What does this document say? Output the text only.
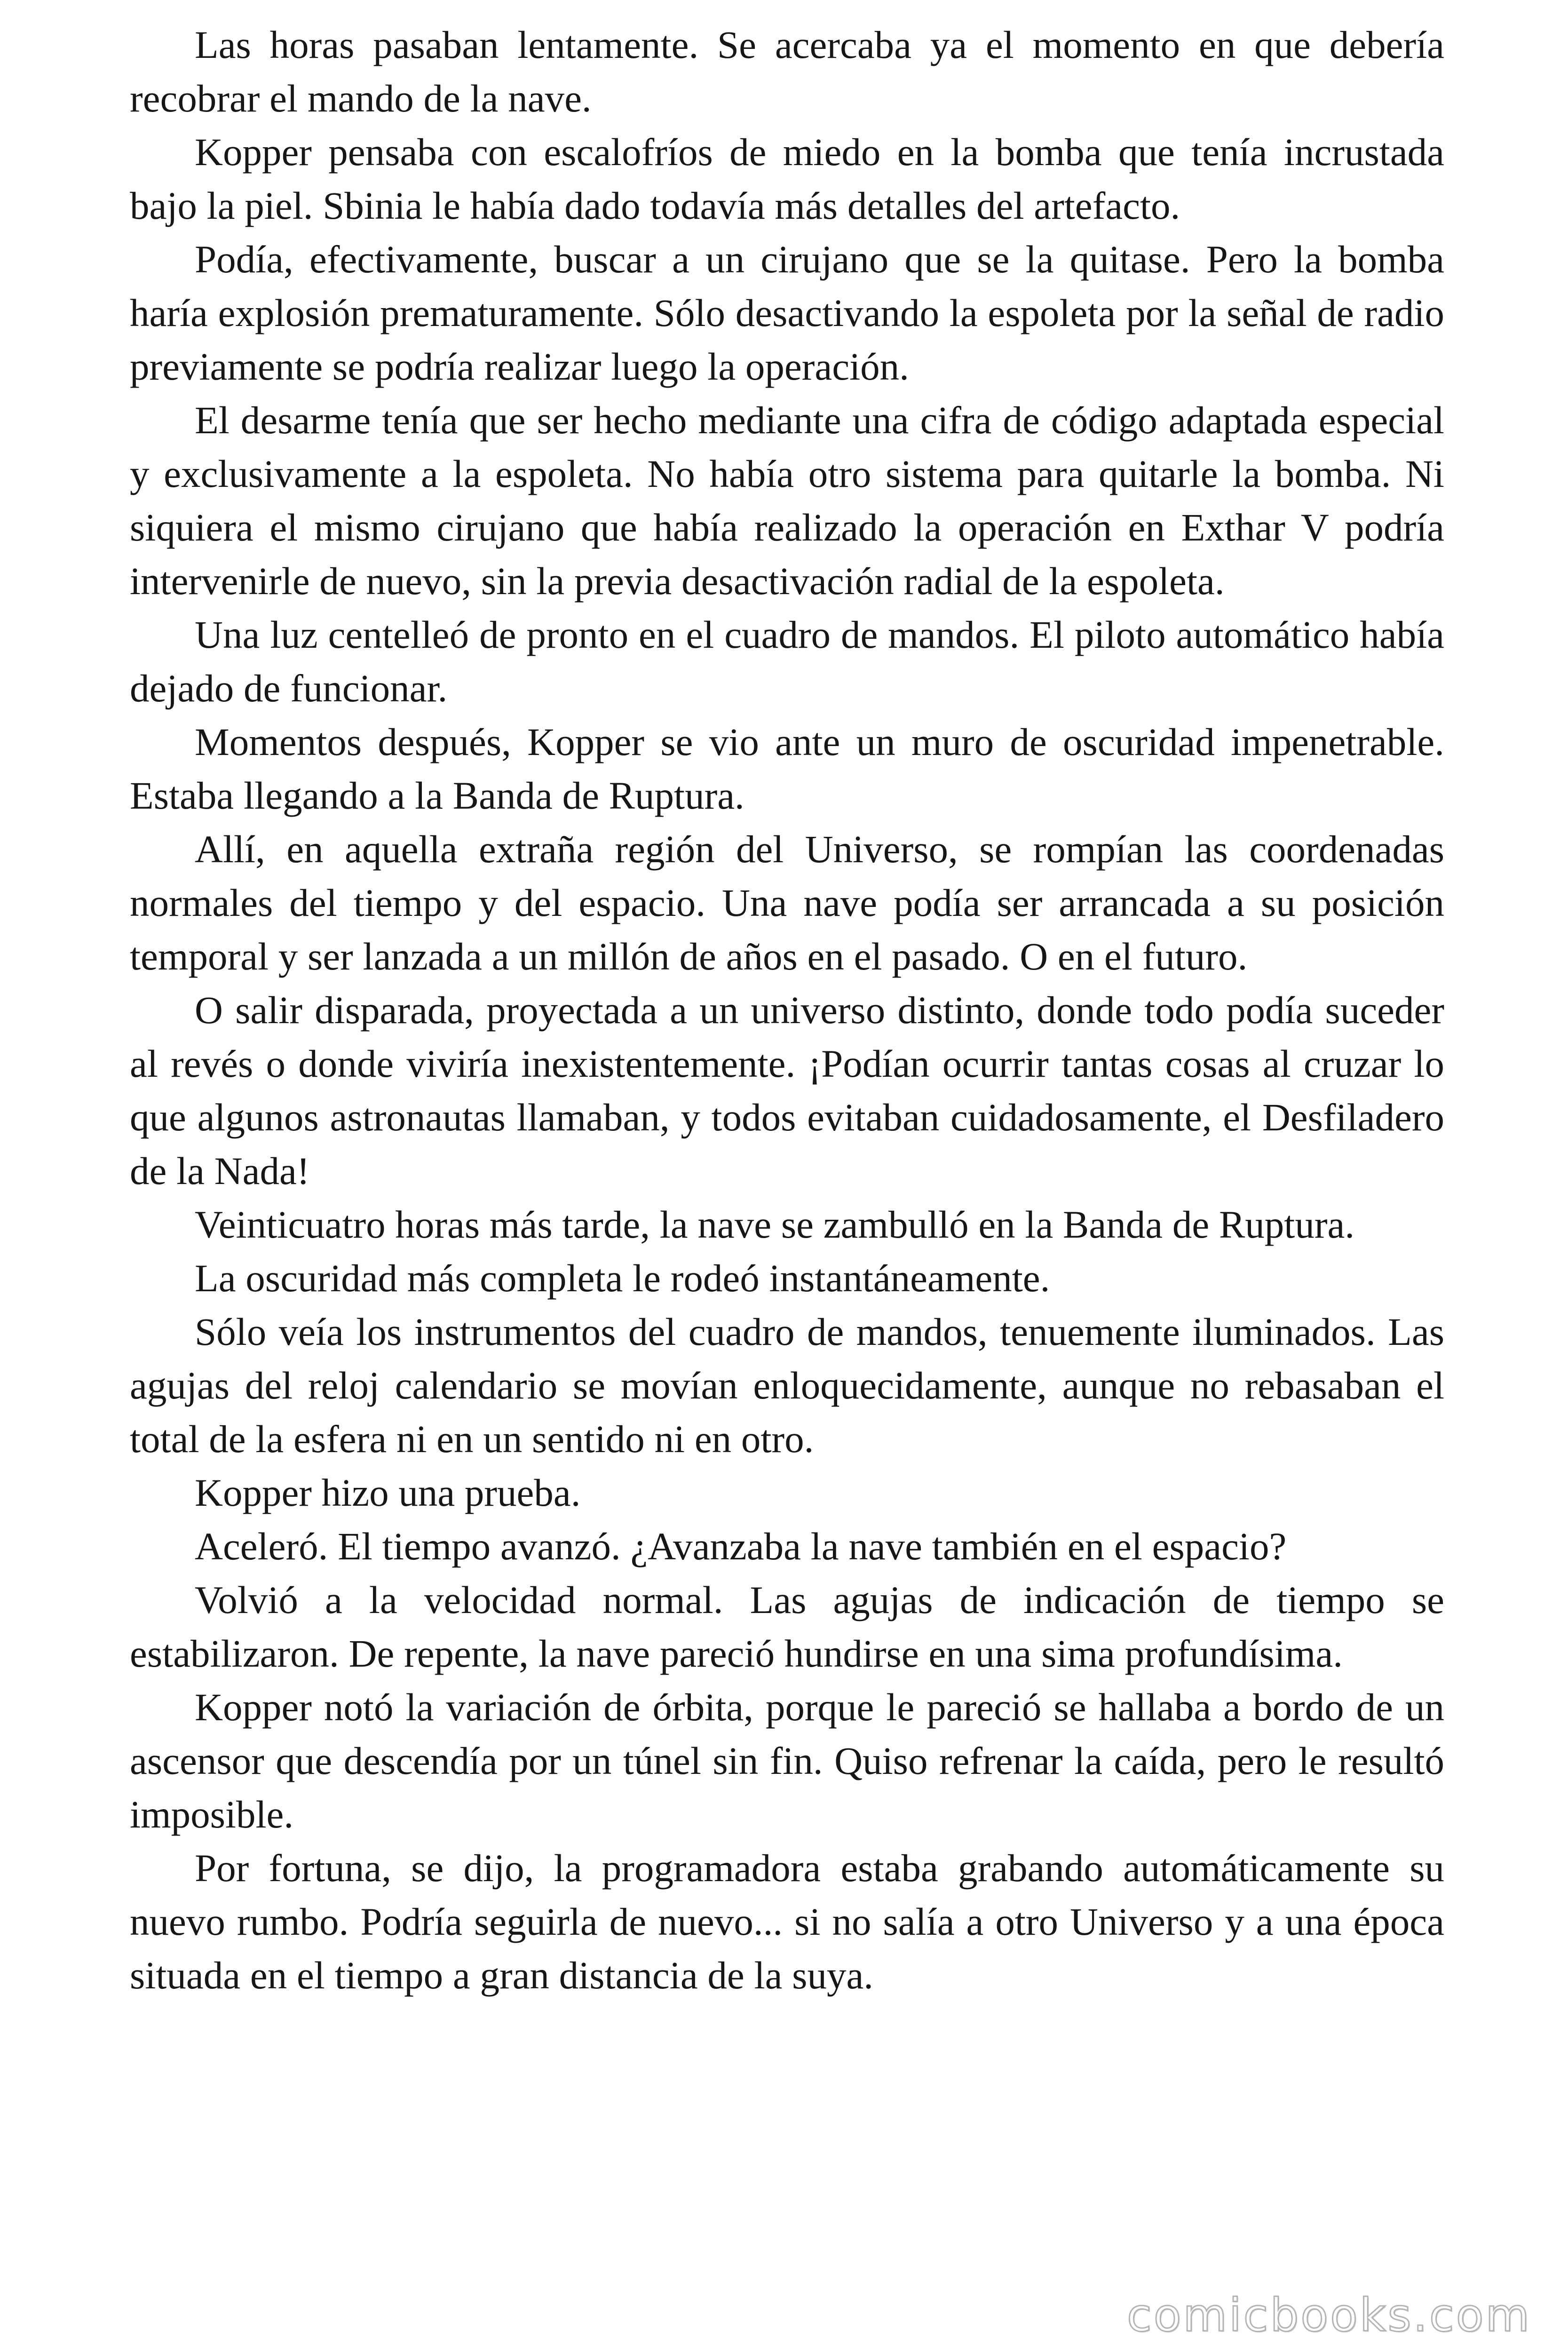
Las horas pasaban lentamente. Se acercaba ya el momento en que debería recobrar el mando de la nave.

Kopper pensaba con escalofríos de miedo en la bomba que tenía incrustada bajo la piel. Sbinia le había dado todavía más detalles del artefacto.

Podía, efectivamente, buscar a un cirujano que se la quitase. Pero la bomba haría explosión prematuramente. Sólo desactivando la espoleta por la señal de radio previamente se podría realizar luego la operación.

El desarme tenía que ser hecho mediante una cifra de código adaptada especial y exclusivamente a la espoleta. No había otro sistema para quitarle la bomba. Ni siquiera el mismo cirujano que había realizado la operación en Exthar V podría intervenirle de nuevo, sin la previa desactivación radial de la espoleta.

Una luz centelleó de pronto en el cuadro de mandos. El piloto automático había dejado de funcionar.

Momentos después, Kopper se vio ante un muro de oscuridad impenetrable. Estaba llegando a la Banda de Ruptura.

Allí, en aquella extraña región del Universo, se rompían las coordenadas normales del tiempo y del espacio. Una nave podía ser arrancada a su posición temporal y ser lanzada a un millón de años en el pasado. O en el futuro.

O salir disparada, proyectada a un universo distinto, donde todo podía suceder al revés o donde viviría inexistentemente. ¡Podían ocurrir tantas cosas al cruzar lo que algunos astronautas llamaban, y todos evitaban cuidadosamente, el Desfiladero de la Nada!

Veinticuatro horas más tarde, la nave se zambulló en la Banda de Ruptura.

La oscuridad más completa le rodeó instantáneamente.

Sólo veía los instrumentos del cuadro de mandos, tenuemente iluminados. Las agujas del reloj calendario se movían enloquecidamente, aunque no rebasaban el total de la esfera ni en un sentido ni en otro.

Kopper hizo una prueba.

Aceleró. El tiempo avanzó. ¿Avanzaba la nave también en el espacio?

Volvió a la velocidad normal. Las agujas de indicación de tiempo se estabilizaron. De repente, la nave pareció hundirse en una sima profundísima.

Kopper notó la variación de órbita, porque le pareció se hallaba a bordo de un ascensor que descendía por un túnel sin fin. Quiso refrenar la caída, pero le resultó imposible.

Por fortuna, se dijo, la programadora estaba grabando automáticamente su nuevo rumbo. Podría seguirla de nuevo... si no salía a otro Universo y a una época situada en el tiempo a gran distancia de la suya.

comicbooks.com
